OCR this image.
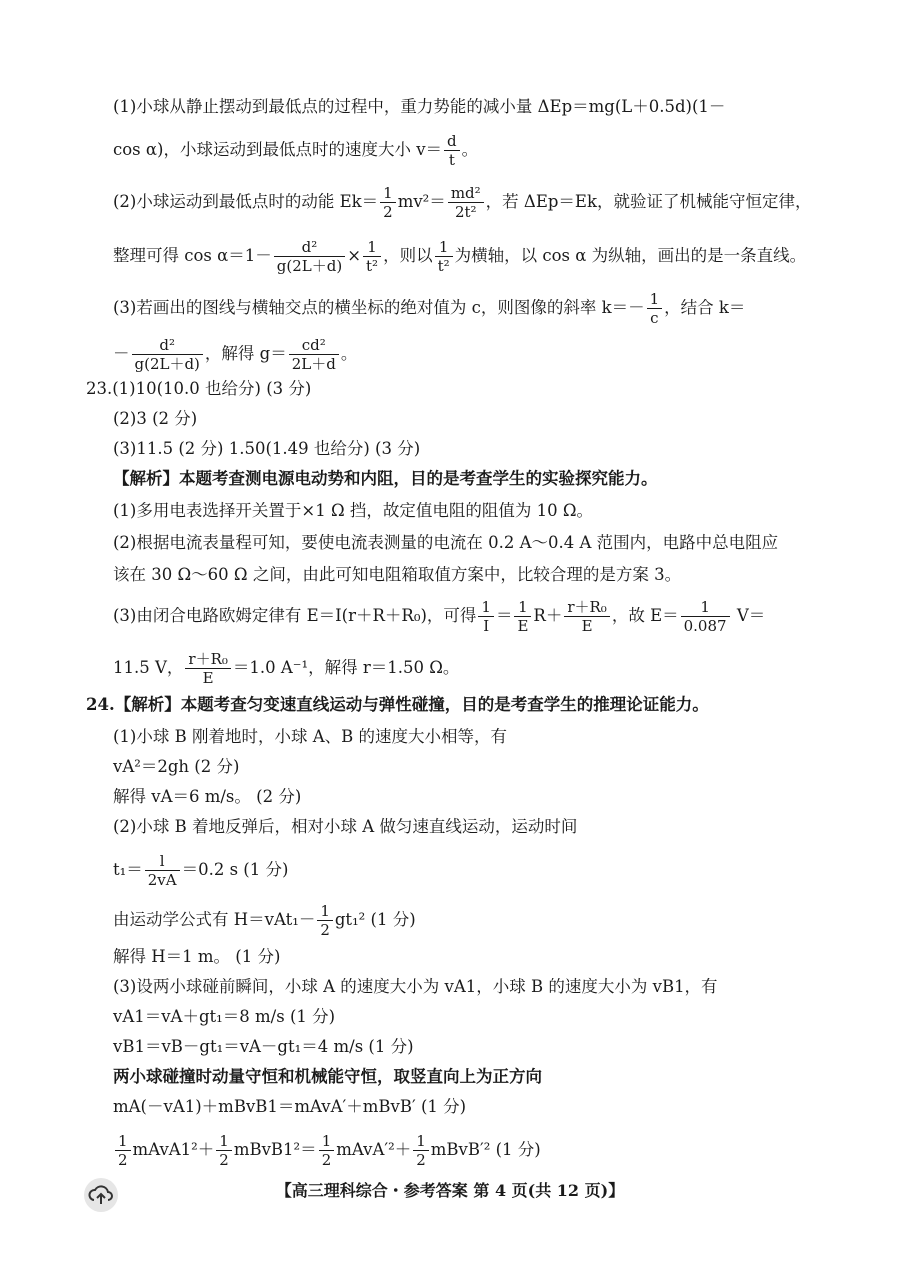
(1)小球从静止摆动到最低点的过程中，重力势能的减小量 ΔEp＝mg(L＋0.5d)(1－
cos α)，小球运动到最低点时的速度大小 $v= \frac{d}{t}$ 。
(2)小球运动到最低点时的动能 $Ek= \frac{1}{2} mv^2= \frac{\text{md²}}{\text{2t²}}$ ，若 ΔEp＝Ek，就验证了机械能守恒定律，
整理可得 $\cos \alpha=1- \frac{\text{d²}}{g(2L+d)} \times \frac{1}{\text{t²}}$ ，则以 $\frac{1}{\text{t²}}$ 为横轴，以 cos α 为纵轴，画出的是一条直线。
(3)若画出的图线与横轴交点的横坐标的绝对值为 c，则图像的斜率 $k=- \frac{1}{c}$ ，结合 k＝
－ $\frac{\text{d²}}{g(2L+d)}$ ，解得 $g= \frac{\text{cd²}}{2L+d}$ 。
23.(1)10(10.0 也给分) (3 分)
(2)3 (2 分)
(3)11.5 (2 分) 1.50(1.49 也给分) (3 分)
【解析】本题考查测电源电动势和内阻，目的是考查学生的实验探究能力。
(1)多用电表选择开关置于×1 Ω 挡，故定值电阻的阻值为 10 Ω。
(2)根据电流表量程可知，要使电流表测量的电流在 0.2 A～0.4 A 范围内，电路中总电阻应
该在 30 Ω～60 Ω 之间，由此可知电阻箱取值方案中，比较合理的是方案 3。
(3)由闭合电路欧姆定律有 E＝I(r＋R＋R₀)，可得 $\frac{1}{I} = \frac{1}{E} R+ \frac{\text{r＋R₀}}{E}$ ，故 $E= \frac{1}{0.087} V=$
11.5 V， $\frac{\text{r＋R₀}}{E} =1.0$ A⁻¹，解得 r＝1.50 Ω。
24.【解析】本题考查匀变速直线运动与弹性碰撞，目的是考查学生的推理论证能力。
(1)小球 B 刚着地时，小球 A、B 的速度大小相等，有
vA²＝2gh (2 分)
解得 vA＝6 m/s。 (2 分)
(2)小球 B 着地反弹后，相对小球 A 做匀速直线运动，运动时间
$t_1= \frac{l}{2vA} =0.2$ s (1 分)
由运动学公式有 $H=vAt_1- \frac{1}{2} gt_1^2$ (1 分)
解得 H＝1 m。 (1 分)
(3)设两小球碰前瞬间，小球 A 的速度大小为 vA1，小球 B 的速度大小为 vB1，有
vA1＝vA＋gt₁＝8 m/s (1 分)
vB1＝vB－gt₁＝vA－gt₁＝4 m/s (1 分)
两小球碰撞时动量守恒和机械能守恒，取竖直向上为正方向
mA(－vA1)＋mBvB1＝mAvA′＋mBvB′ (1 分)
$\frac{1}{2}$ mAvA1²＋ $\frac{1}{2}$ mBvB1²＝ $\frac{1}{2}$ mAvA′²＋ $\frac{1}{2}$ mBvB′² (1 分)
【高三理科综合・参考答案 第 4 页(共 12 页)】
